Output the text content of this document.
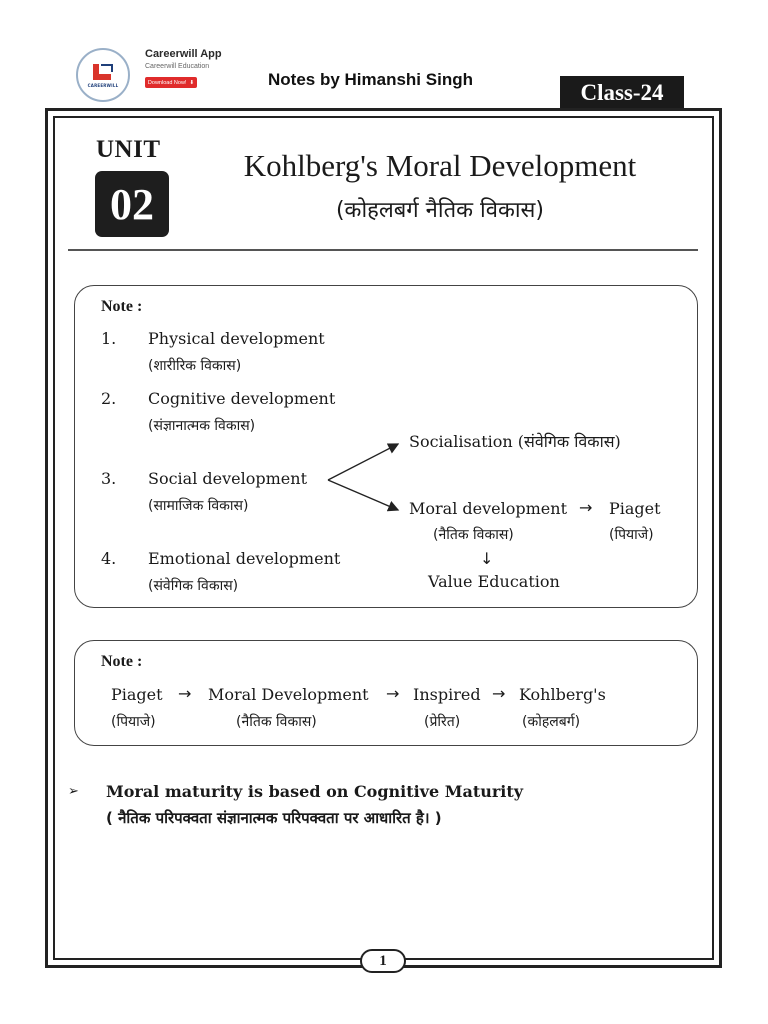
CAREERWILL
Careerwill App
Careerwill Education
Download Now! ⬇	Notes by Himanshi Singh	Class-24
UNIT
02
Kohlberg's Moral Development
(कोहलबर्ग नैतिक विकास)
Note :
1. Physical development
(शारीरिक विकास)
2. Cognitive development
(संज्ञानात्मक विकास)
3. Social development
(सामाजिक विकास)
4. Emotional development
(संवेगिक विकास)
Socialisation (संवेगिक विकास)
Moral development → Piaget
(नैतिक विकास)	(पियाजे)
↓
Value Education
Note :
Piaget → Moral Development → Inspired → Kohlberg's
(पियाजे)	(नैतिक विकास)	(प्रेरित)	(कोहलबर्ग)
➢ Moral maturity is based on Cognitive Maturity
( नैतिक परिपक्वता संज्ञानात्मक परिपक्वता पर आधारित है। )
1
